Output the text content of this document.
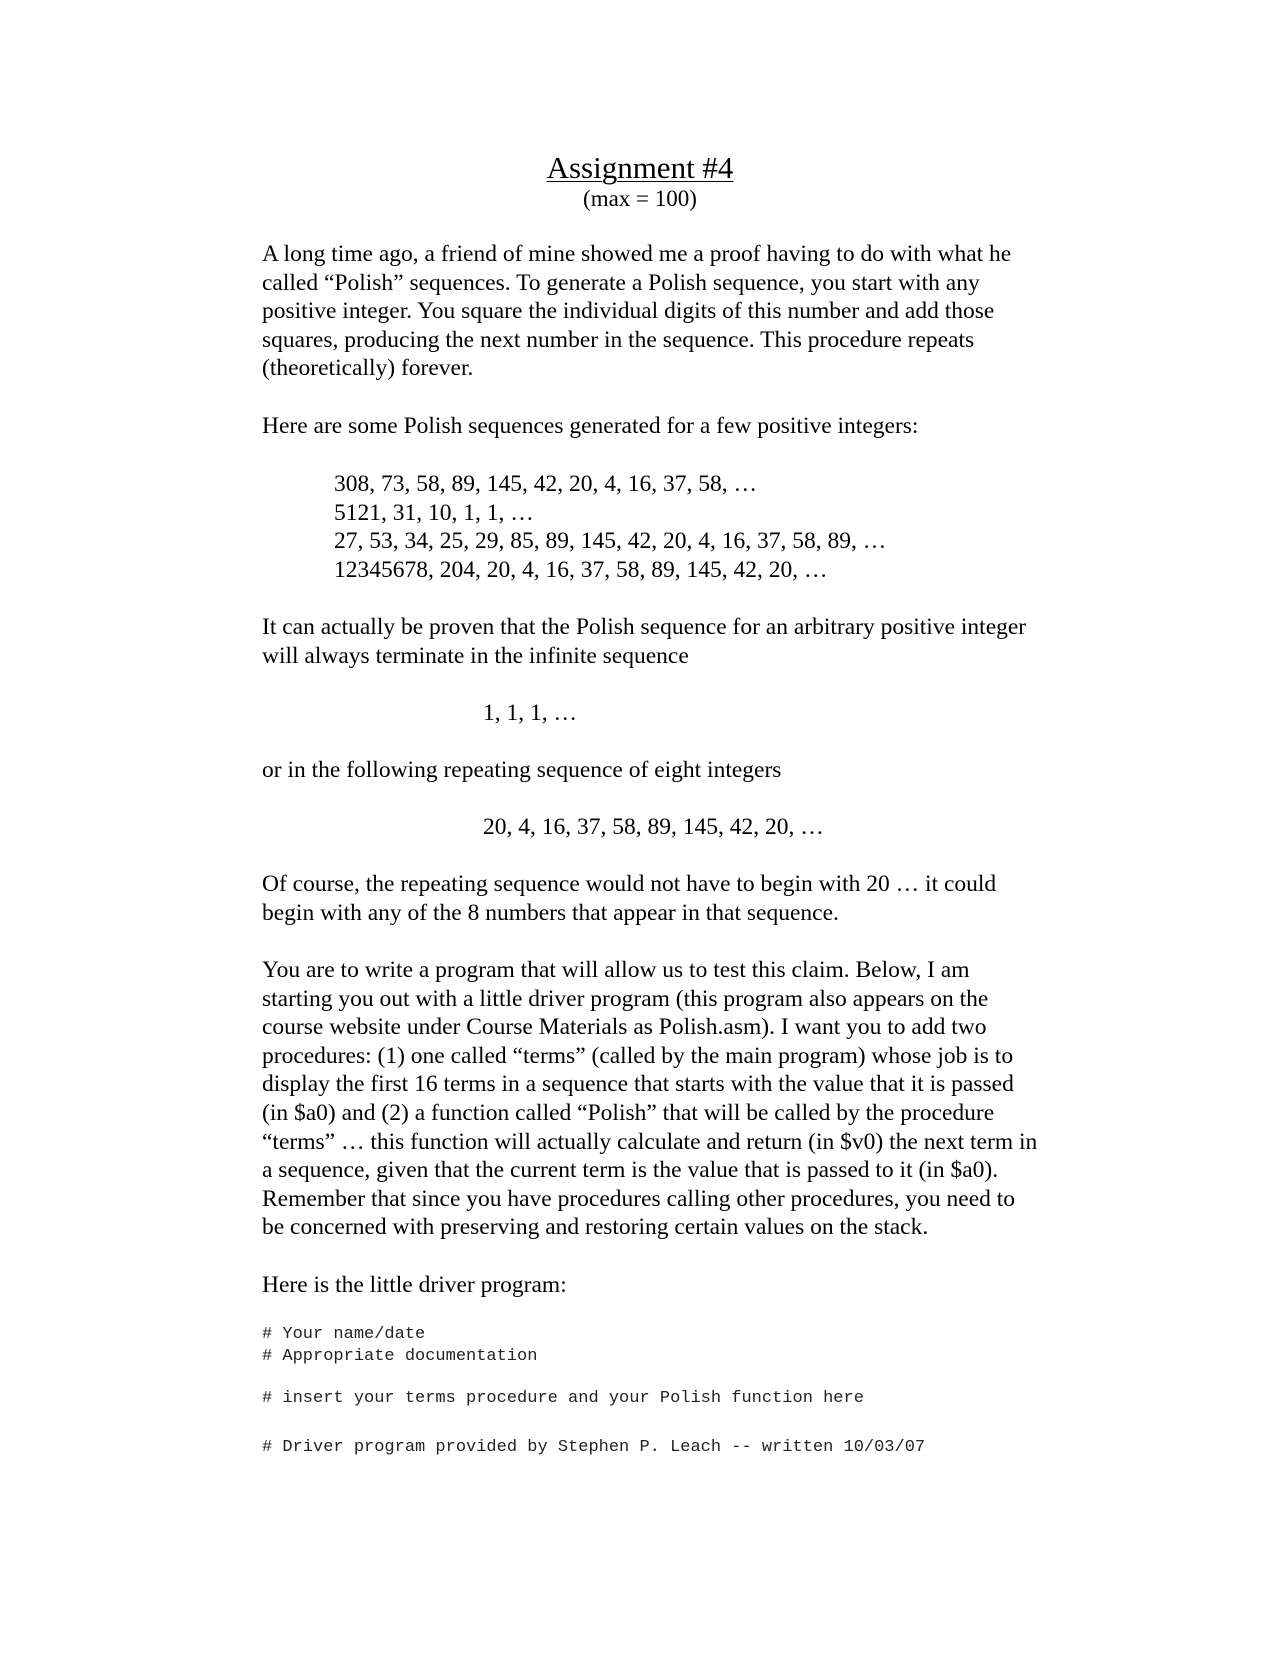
Assignment #4

(max = 100)

A long time ago, a friend of mine showed me a proof having to do with what he
called “Polish” sequences. To generate a Polish sequence, you start with any
positive integer. You square the individual digits of this number and add those
squares, producing the next number in the sequence. This procedure repeats
(theoretically) forever.

Here are some Polish sequences generated for a few positive integers:

308, 73, 58, 89, 145, 42, 20, 4, 16, 37, 58, …
5121, 31, 10, 1, 1, …
27, 53, 34, 25, 29, 85, 89, 145, 42, 20, 4, 16, 37, 58, 89, …
12345678, 204, 20, 4, 16, 37, 58, 89, 145, 42, 20, …

It can actually be proven that the Polish sequence for an arbitrary positive integer
will always terminate in the infinite sequence

1, 1, 1, …

or in the following repeating sequence of eight integers

20, 4, 16, 37, 58, 89, 145, 42, 20, …

Of course, the repeating sequence would not have to begin with 20 … it could
begin with any of the 8 numbers that appear in that sequence.

You are to write a program that will allow us to test this claim. Below, I am
starting you out with a little driver program (this program also appears on the
course website under Course Materials as Polish.asm). I want you to add two
procedures: (1) one called “terms” (called by the main program) whose job is to
display the first 16 terms in a sequence that starts with the value that it is passed
(in $a0) and (2) a function called “Polish” that will be called by the procedure
“terms” … this function will actually calculate and return (in $v0) the next term in
a sequence, given that the current term is the value that is passed to it (in $a0).
Remember that since you have procedures calling other procedures, you need to
be concerned with preserving and restoring certain values on the stack.

Here is the little driver program:

# Your name/date
# Appropriate documentation
# insert your terms procedure and your Polish function here
# Driver program provided by Stephen P. Leach -- written 10/03/07
